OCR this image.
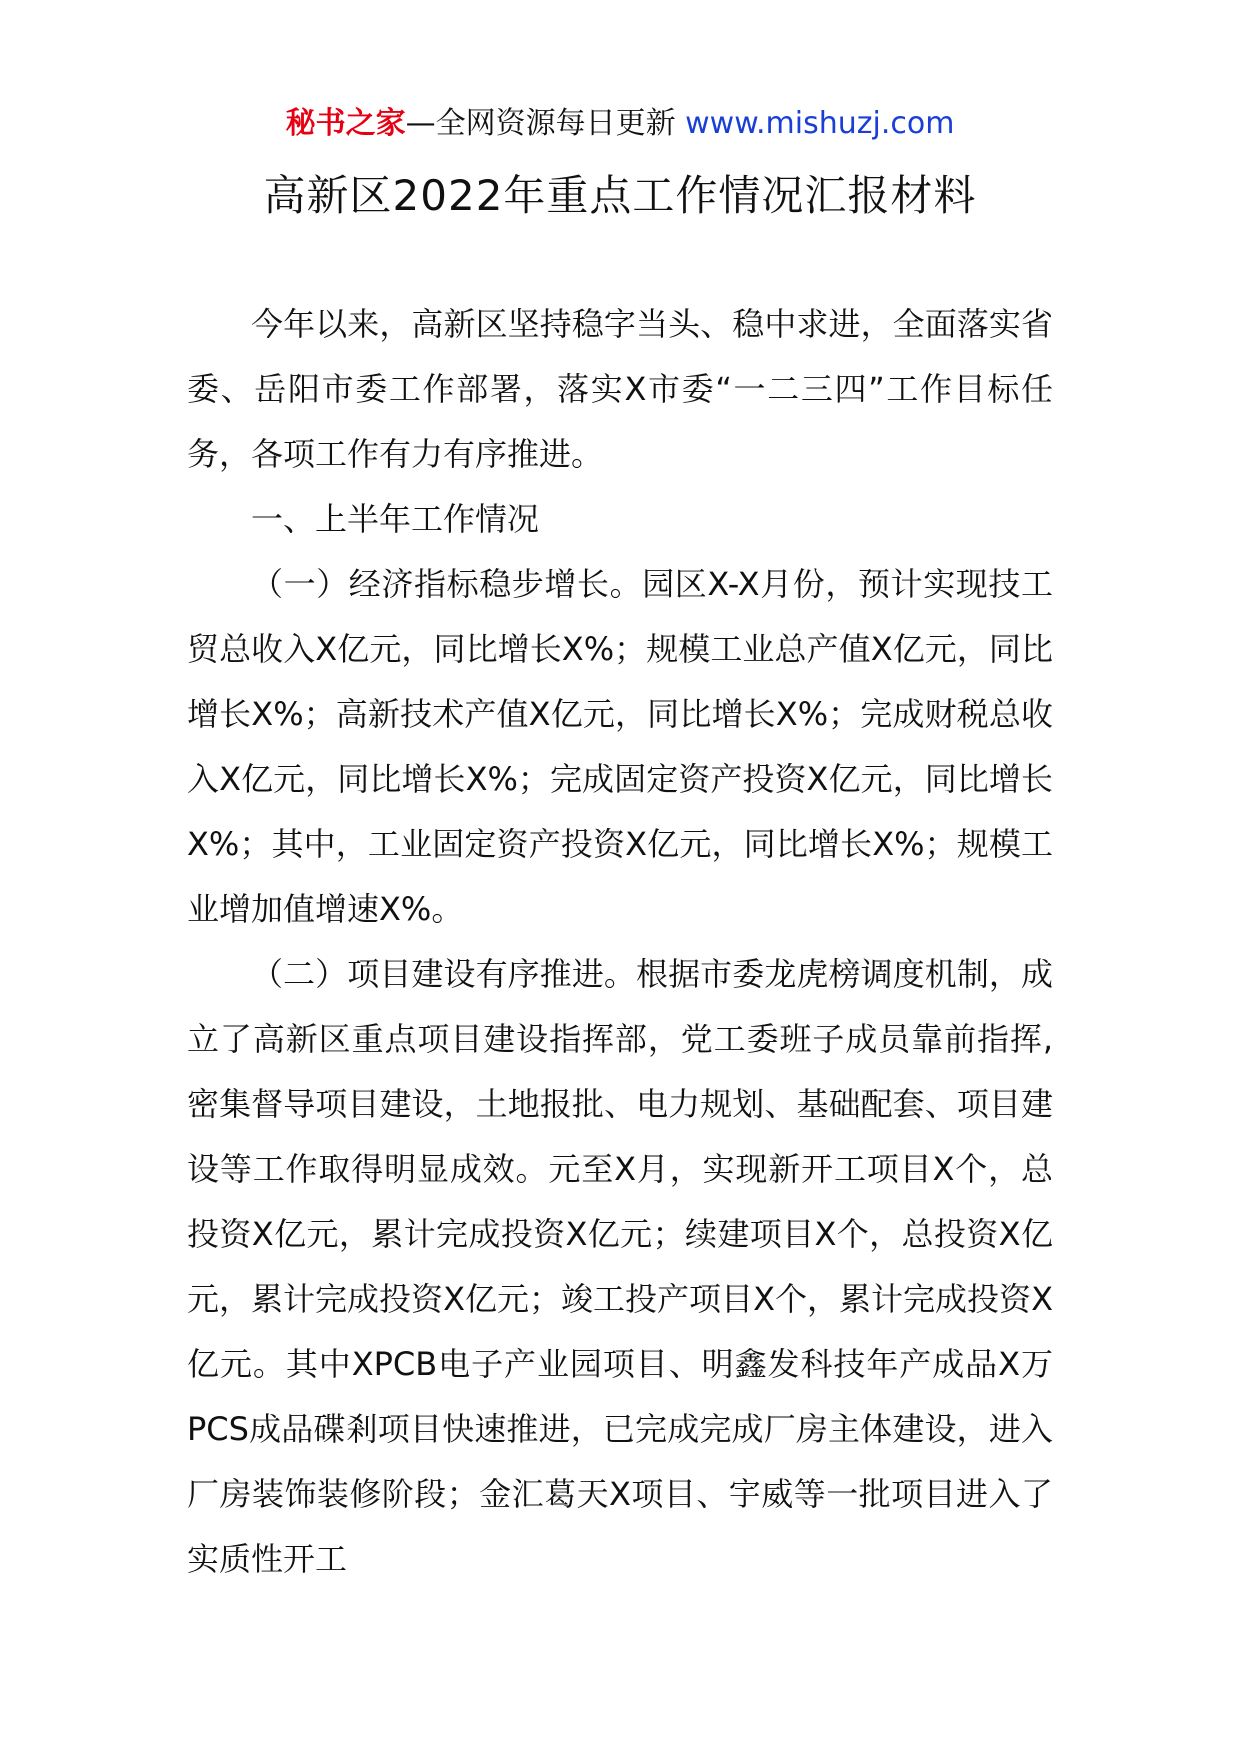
秘书之家—全网资源每日更新 www.mishuzj.com
高新区2022年重点工作情况汇报材料

今年以来，高新区坚持稳字当头、稳中求进，全面落实省委、岳阳市委工作部署，落实X市委“一二三四”工作目标任务，各项工作有力有序推进。

一、上半年工作情况

（一）经济指标稳步增长。园区X-X月份，预计实现技工贸总收入X亿元，同比增长X%；规模工业总产值X亿元，同比增长X%；高新技术产值X亿元，同比增长X%；完成财税总收入X亿元，同比增长X%；完成固定资产投资X亿元，同比增长X%；其中，工业固定资产投资X亿元，同比增长X%；规模工业增加值增速X%。

（二）项目建设有序推进。根据市委龙虎榜调度机制，成立了高新区重点项目建设指挥部，党工委班子成员靠前指挥,密集督导项目建设，土地报批、电力规划、基础配套、项目建设等工作取得明显成效。元至X月，实现新开工项目X个，总投资X亿元，累计完成投资X亿元；续建项目X个，总投资X亿元，累计完成投资X亿元；竣工投产项目X个，累计完成投资X亿元。其中XPCB电子产业园项目、明鑫发科技年产成品X万PCS成品碟剎项目快速推进，已完成完成厂房主体建设，进入厂房装饰装修阶段；金汇葛天X项目、宇威等一批项目进入了实质性开工
